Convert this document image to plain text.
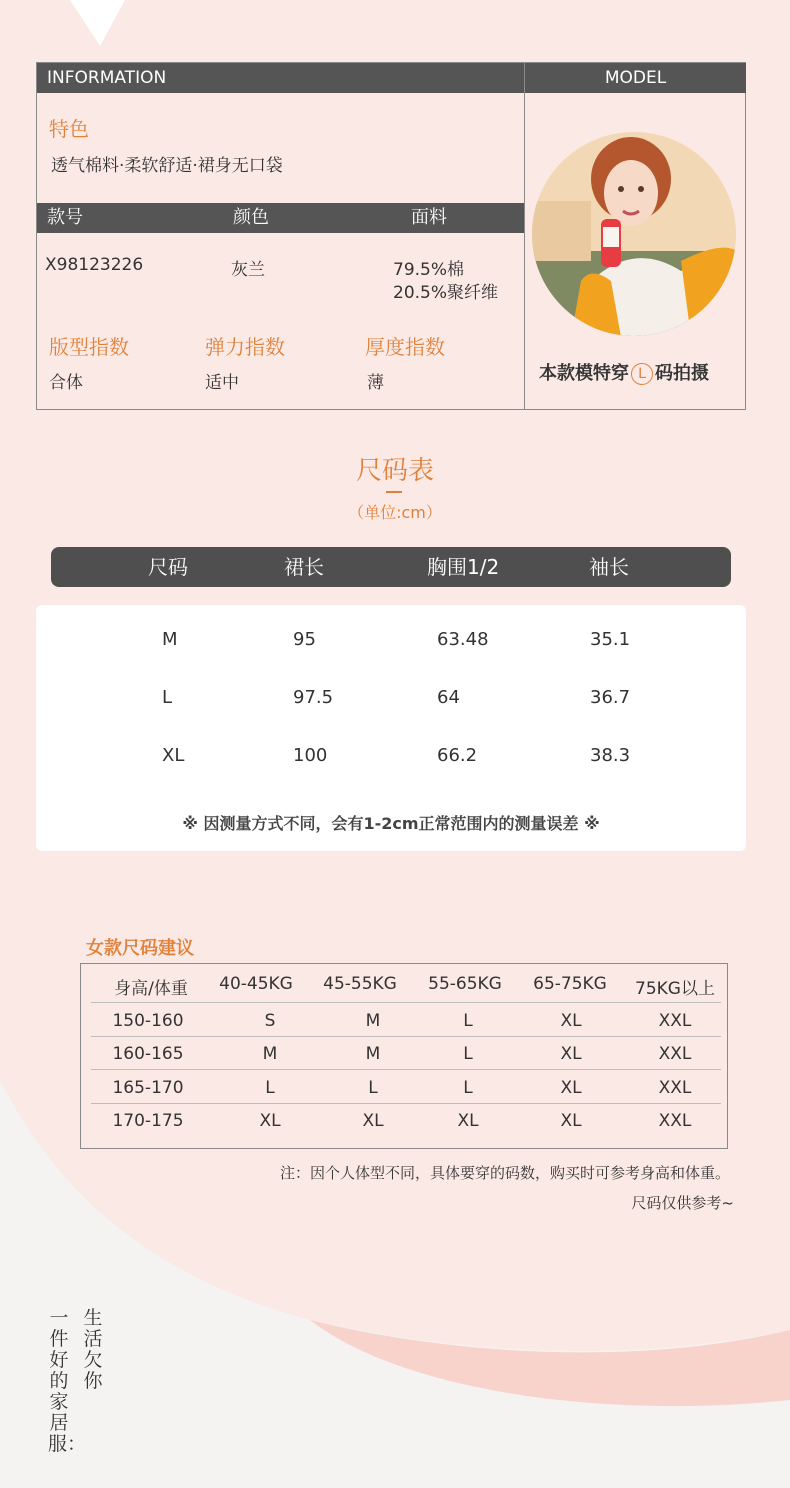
INFORMATION	MODEL
特色
透气棉料·柔软舒适·裙身无口袋
款号	颜色	面料
X98123226	灰兰	79.5%棉
20.5%聚纤维
版型指数	弹力指数	厚度指数
合体	适中	薄	本款模特穿 L 码拍摄
尺码表
（单位:cm）
尺码	裙长	胸围1/2	袖长
M	95	63.48	35.1
L	97.5	64	36.7
XL	100	66.2	38.3
※ 因测量方式不同，会有1-2cm正常范围内的测量误差 ※
女款尺码建议
身高/体重 40-45KG 45-55KG 55-65KG 65-75KG 75KG以上
150-160	S	M	L	XL	XXL
160-165	M	M	L	XL	XXL
165-170	L	L	L	XL	XXL
170-175	XL	XL	XL	XL	XXL
注：因个人体型不同，具体要穿的码数，购买时可参考身高和体重。
尺码仅供参考~
一件好的家居服：
生活欠你
